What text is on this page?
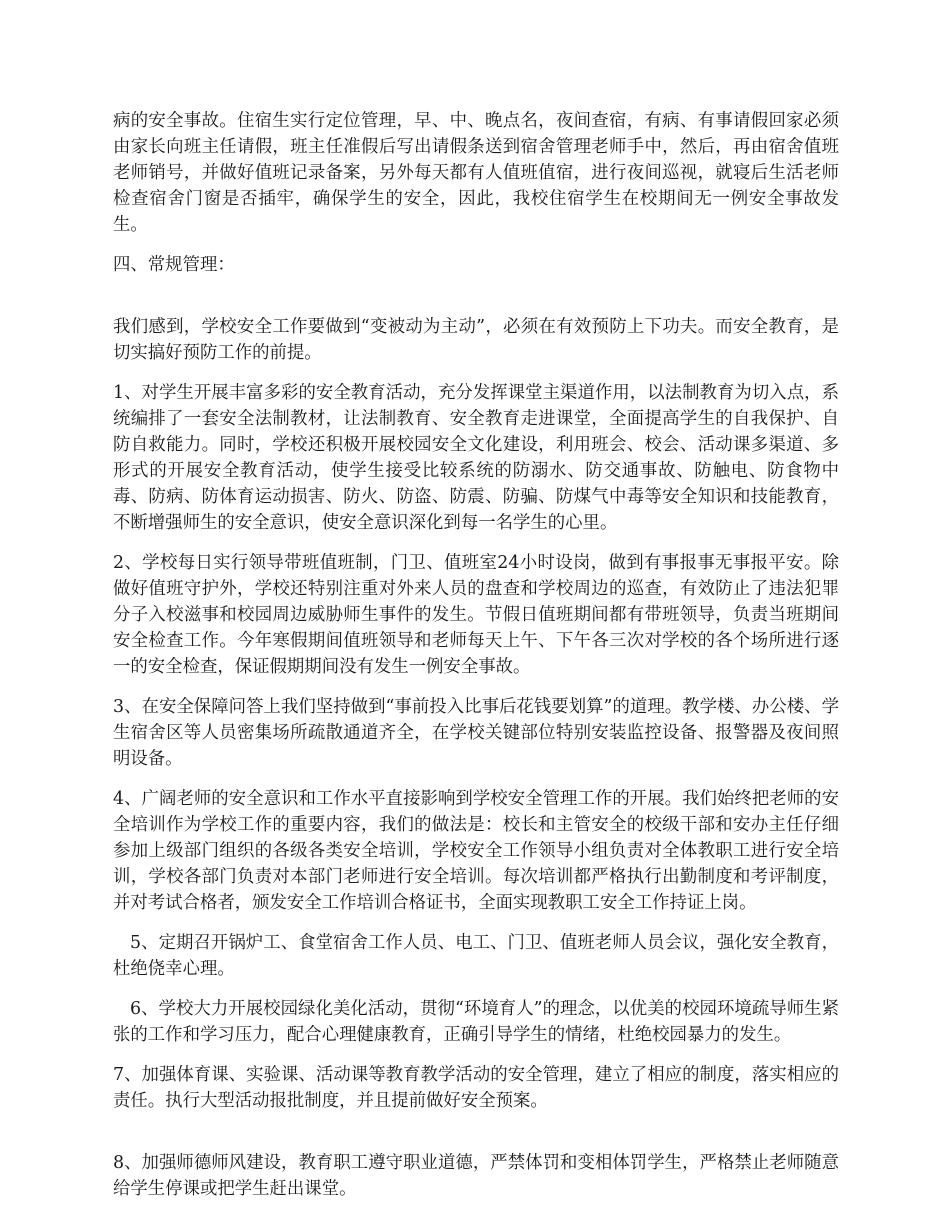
病的安全事故。住宿生实行定位管理，早、中、晚点名，夜间查宿，有病、有事请假回家必须由家长向班主任请假，班主任准假后写出请假条送到宿舍管理老师手中，然后，再由宿舍值班老师销号，并做好值班记录备案，另外每天都有人值班值宿，进行夜间巡视，就寝后生活老师检查宿舍门窗是否插牢，确保学生的安全，因此，我校住宿学生在校期间无一例安全事故发生。

四、常规管理：

我们感到，学校安全工作要做到“变被动为主动”，必须在有效预防上下功夫。而安全教育，是切实搞好预防工作的前提。

1、对学生开展丰富多彩的安全教育活动，充分发挥课堂主渠道作用，以法制教育为切入点，系统编排了一套安全法制教材，让法制教育、安全教育走进课堂，全面提高学生的自我保护、自防自救能力。同时，学校还积极开展校园安全文化建设，利用班会、校会、活动课多渠道、多形式的开展安全教育活动，使学生接受比较系统的防溺水、防交通事故、防触电、防食物中毒、防病、防体育运动损害、防火、防盗、防震、防骗、防煤气中毒等安全知识和技能教育，不断增强师生的安全意识，使安全意识深化到每一名学生的心里。

2、学校每日实行领导带班值班制，门卫、值班室24小时设岗，做到有事报事无事报平安。除做好值班守护外，学校还特别注重对外来人员的盘查和学校周边的巡查，有效防止了违法犯罪分子入校滋事和校园周边威胁师生事件的发生。节假日值班期间都有带班领导，负责当班期间安全检查工作。今年寒假期间值班领导和老师每天上午、下午各三次对学校的各个场所进行逐一的安全检查，保证假期期间没有发生一例安全事故。

3、在安全保障问答上我们坚持做到“事前投入比事后花钱要划算”的道理。教学楼、办公楼、学生宿舍区等人员密集场所疏散通道齐全，在学校关键部位特别安装监控设备、报警器及夜间照明设备。

4、广阔老师的安全意识和工作水平直接影响到学校安全管理工作的开展。我们始终把老师的安全培训作为学校工作的重要内容，我们的做法是：校长和主管安全的校级干部和安办主任仔细参加上级部门组织的各级各类安全培训，学校安全工作领导小组负责对全体教职工进行安全培训，学校各部门负责对本部门老师进行安全培训。每次培训都严格执行出勤制度和考评制度，并对考试合格者，颁发安全工作培训合格证书，全面实现教职工安全工作持证上岗。

5、定期召开锅炉工、食堂宿舍工作人员、电工、门卫、值班老师人员会议，强化安全教育，杜绝侥幸心理。

6、学校大力开展校园绿化美化活动，贯彻“环境育人”的理念，以优美的校园环境疏导师生紧张的工作和学习压力，配合心理健康教育，正确引导学生的情绪，杜绝校园暴力的发生。

7、加强体育课、实验课、活动课等教育教学活动的安全管理，建立了相应的制度，落实相应的责任。执行大型活动报批制度，并且提前做好安全预案。

8、加强师德师风建设，教育职工遵守职业道德，严禁体罚和变相体罚学生，严格禁止老师随意给学生停课或把学生赶出课堂。
